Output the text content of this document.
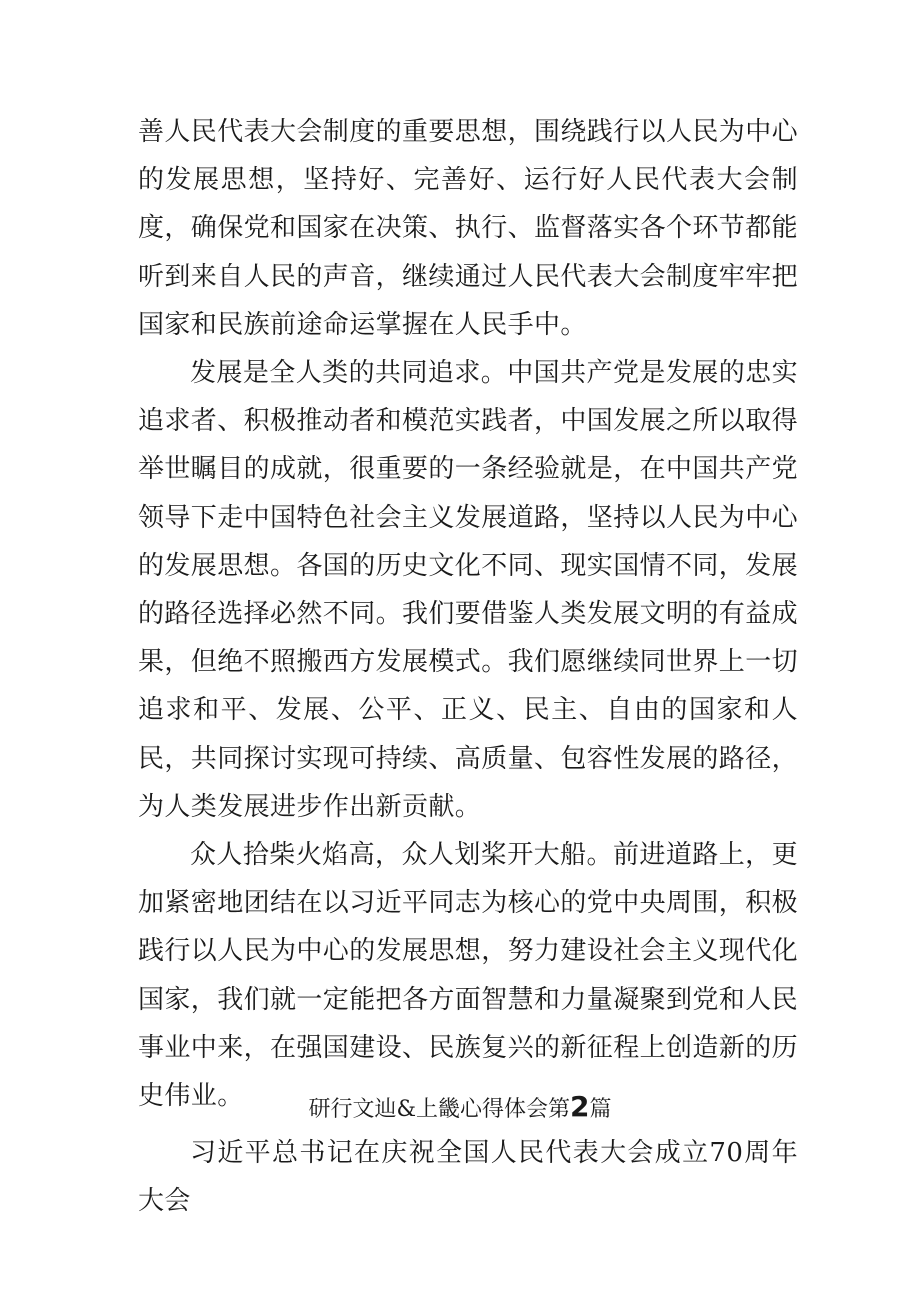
善人民代表大会制度的重要思想，围绕践行以人民为中心的发展思想，坚持好、完善好、运行好人民代表大会制度，确保党和国家在决策、执行、监督落实各个环节都能听到来自人民的声音，继续通过人民代表大会制度牢牢把国家和民族前途命运掌握在人民手中。

发展是全人类的共同追求。中国共产党是发展的忠实追求者、积极推动者和模范实践者，中国发展之所以取得举世瞩目的成就，很重要的一条经验就是，在中国共产党领导下走中国特色社会主义发展道路，坚持以人民为中心的发展思想。各国的历史文化不同、现实国情不同，发展的路径选择必然不同。我们要借鉴人类发展文明的有益成果，但绝不照搬西方发展模式。我们愿继续同世界上一切追求和平、发展、公平、正义、民主、自由的国家和人民，共同探讨实现可持续、高质量、包容性发展的路径，为人类发展进步作出新贡献。

众人拾柴火焰高，众人划桨开大船。前进道路上，更加紧密地团结在以习近平同志为核心的党中央周围，积极践行以人民为中心的发展思想，努力建设社会主义现代化国家，我们就一定能把各方面智慧和力量凝聚到党和人民事业中来，在强国建设、民族复兴的新征程上创造新的历史伟业。	研行文辿&上畿心得体会第2篇

习近平总书记在庆祝全国人民代表大会成立70周年大会
